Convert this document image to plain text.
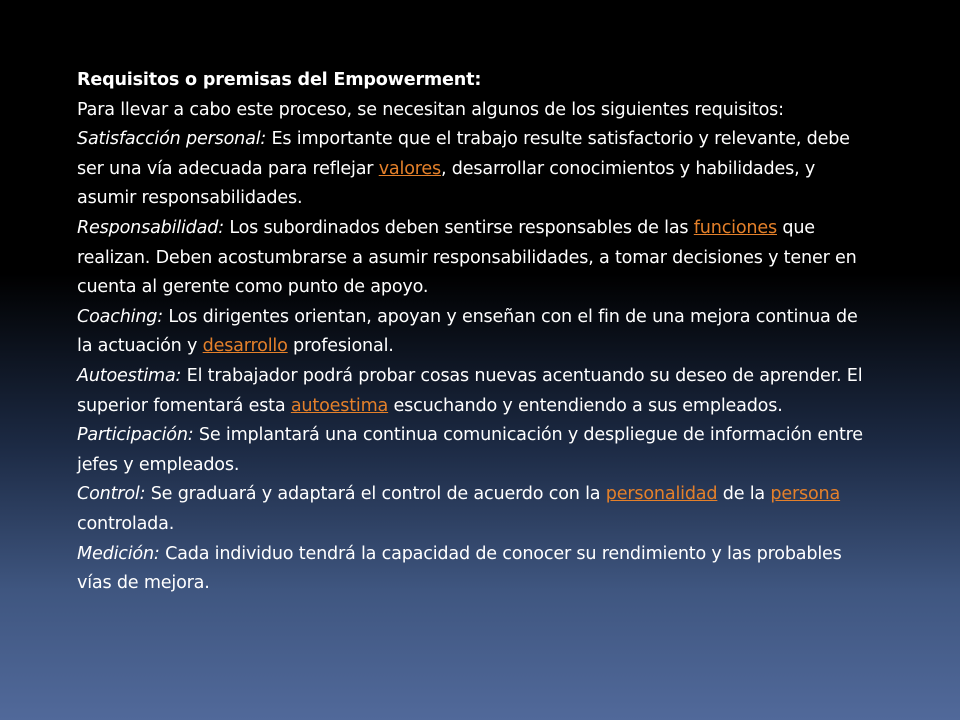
Requisitos o premisas del Empowerment:

Para llevar a cabo este proceso, se necesitan algunos de los siguientes requisitos:

Satisfacción personal: Es importante que el trabajo resulte satisfactorio y relevante, debe ser una vía adecuada para reflejar valores, desarrollar conocimientos y habilidades, y asumir responsabilidades.

Responsabilidad: Los subordinados deben sentirse responsables de las funciones que realizan. Deben acostumbrarse a asumir responsabilidades, a tomar decisiones y tener en cuenta al gerente como punto de apoyo.

Coaching: Los dirigentes orientan, apoyan y enseñan con el fin de una mejora continua de la actuación y desarrollo profesional.

Autoestima: El trabajador podrá probar cosas nuevas acentuando su deseo de aprender. El superior fomentará esta autoestima escuchando y entendiendo a sus empleados.

Participación: Se implantará una continua comunicación y despliegue de información entre jefes y empleados.

Control: Se graduará y adaptará el control de acuerdo con la personalidad de la persona controlada.

Medición: Cada individuo tendrá la capacidad de conocer su rendimiento y las probables vías de mejora.
